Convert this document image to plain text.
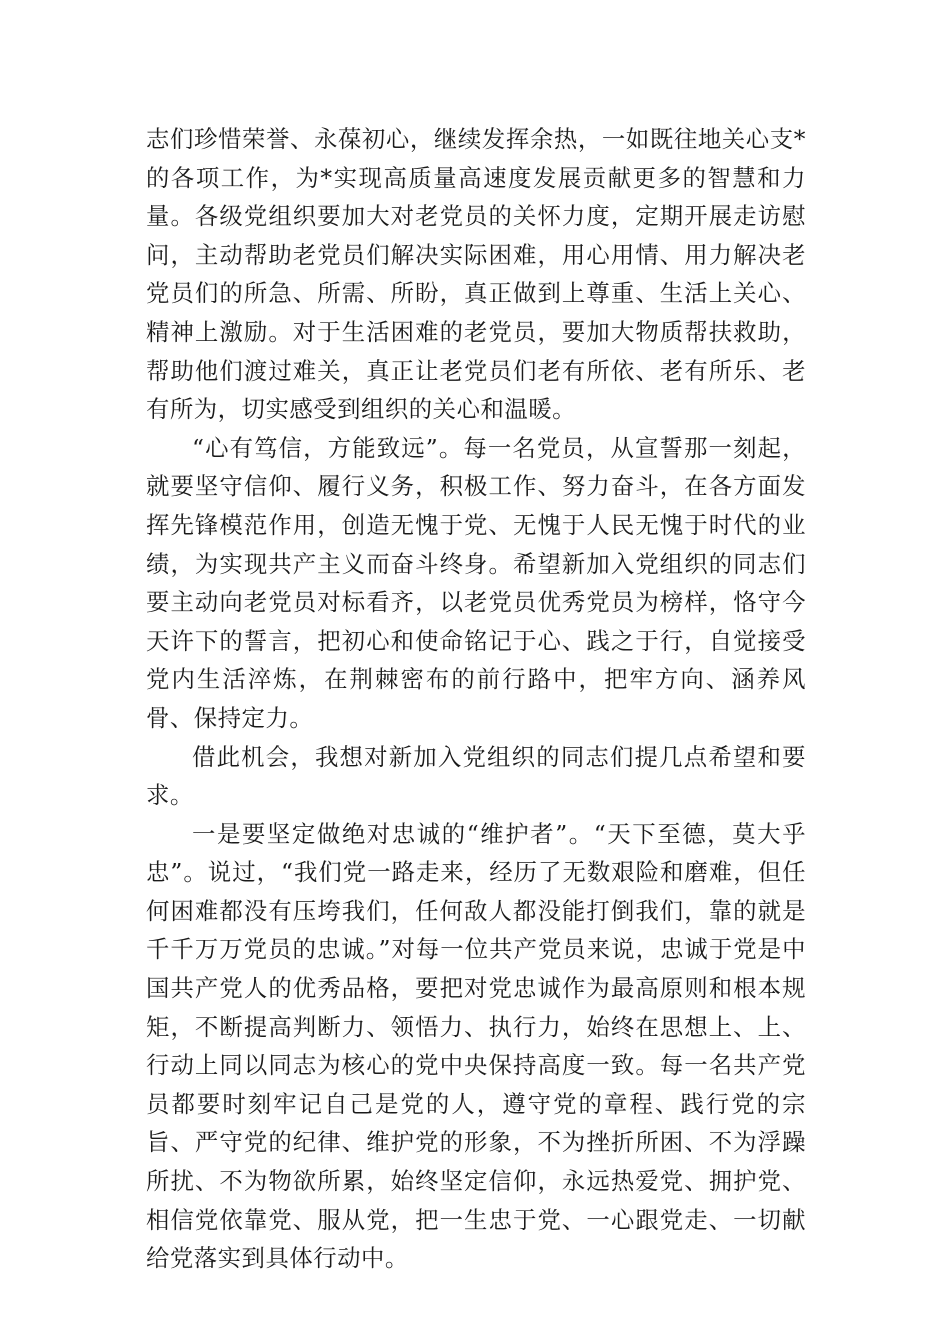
志们珍惜荣誉、永葆初心，继续发挥余热，一如既往地关心支*的各项工作，为*实现高质量高速度发展贡献更多的智慧和力量。各级党组织要加大对老党员的关怀力度，定期开展走访慰问，主动帮助老党员们解决实际困难，用心用情、用力解决老党员们的所急、所需、所盼，真正做到上尊重、生活上关心、精神上激励。对于生活困难的老党员，要加大物质帮扶救助，帮助他们渡过难关，真正让老党员们老有所依、老有所乐、老有所为，切实感受到组织的关心和温暖。

“心有笃信，方能致远”。每一名党员，从宣誓那一刻起，就要坚守信仰、履行义务，积极工作、努力奋斗，在各方面发挥先锋模范作用，创造无愧于党、无愧于人民无愧于时代的业绩，为实现共产主义而奋斗终身。希望新加入党组织的同志们要主动向老党员对标看齐，以老党员优秀党员为榜样，恪守今天许下的誓言，把初心和使命铭记于心、践之于行，自觉接受党内生活淬炼，在荆棘密布的前行路中，把牢方向、涵养风骨、保持定力。

借此机会，我想对新加入党组织的同志们提几点希望和要求。

一是要坚定做绝对忠诚的“维护者”。“天下至德，莫大乎忠”。说过，“我们党一路走来，经历了无数艰险和磨难，但任何困难都没有压垮我们，任何敌人都没能打倒我们，靠的就是千千万万党员的忠诚。”对每一位共产党员来说，忠诚于党是中国共产党人的优秀品格，要把对党忠诚作为最高原则和根本规矩，不断提高判断力、领悟力、执行力，始终在思想上、上、行动上同以同志为核心的党中央保持高度一致。每一名共产党员都要时刻牢记自己是党的人，遵守党的章程、践行党的宗旨、严守党的纪律、维护党的形象，不为挫折所困、不为浮躁所扰、不为物欲所累，始终坚定信仰，永远热爱党、拥护党、相信党依靠党、服从党，把一生忠于党、一心跟党走、一切献给党落实到具体行动中。
